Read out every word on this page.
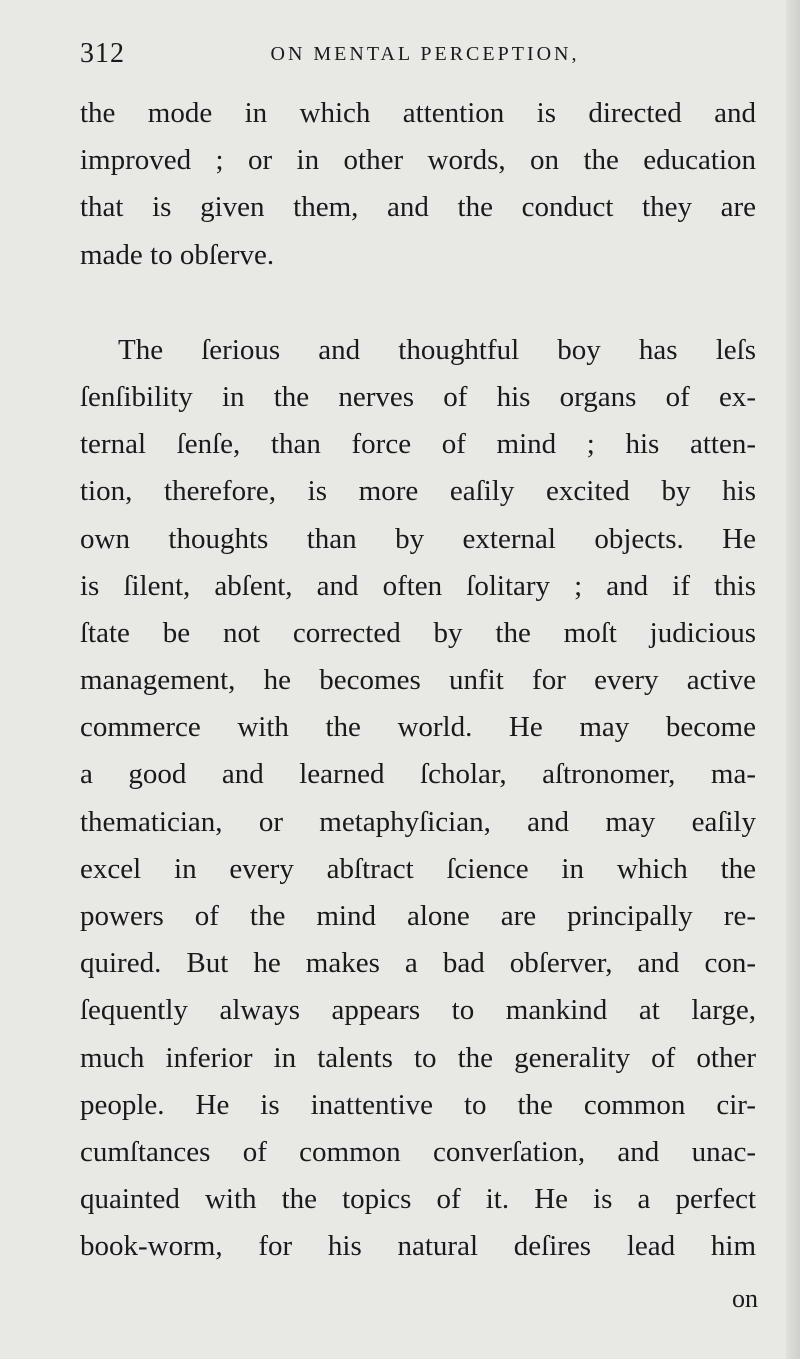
312	ON MENTAL PERCEPTION,
the mode in which attention is directed and
improved ; or in other words, on the education
that is given them, and the conduct they are
made to obſerve.
The ſerious and thoughtful boy has leſs
ſenſibility in the nerves of his organs of ex-
ternal ſenſe, than force of mind ; his atten-
tion, therefore, is more eaſily excited by his
own thoughts than by external objects. He
is ſilent, abſent, and often ſolitary ; and if this
ſtate be not corrected by the moſt judicious
management, he becomes unfit for every active
commerce with the world. He may become
a good and learned ſcholar, aſtronomer, ma-
thematician, or metaphyſician, and may eaſily
excel in every abſtract ſcience in which the
powers of the mind alone are principally re-
quired. But he makes a bad obſerver, and con-
ſequently always appears to mankind at large,
much inferior in talents to the generality of other
people. He is inattentive to the common cir-
cumſtances of common converſation, and unac-
quainted with the topics of it. He is a perfect
book-worm, for his natural deſires lead him
on
